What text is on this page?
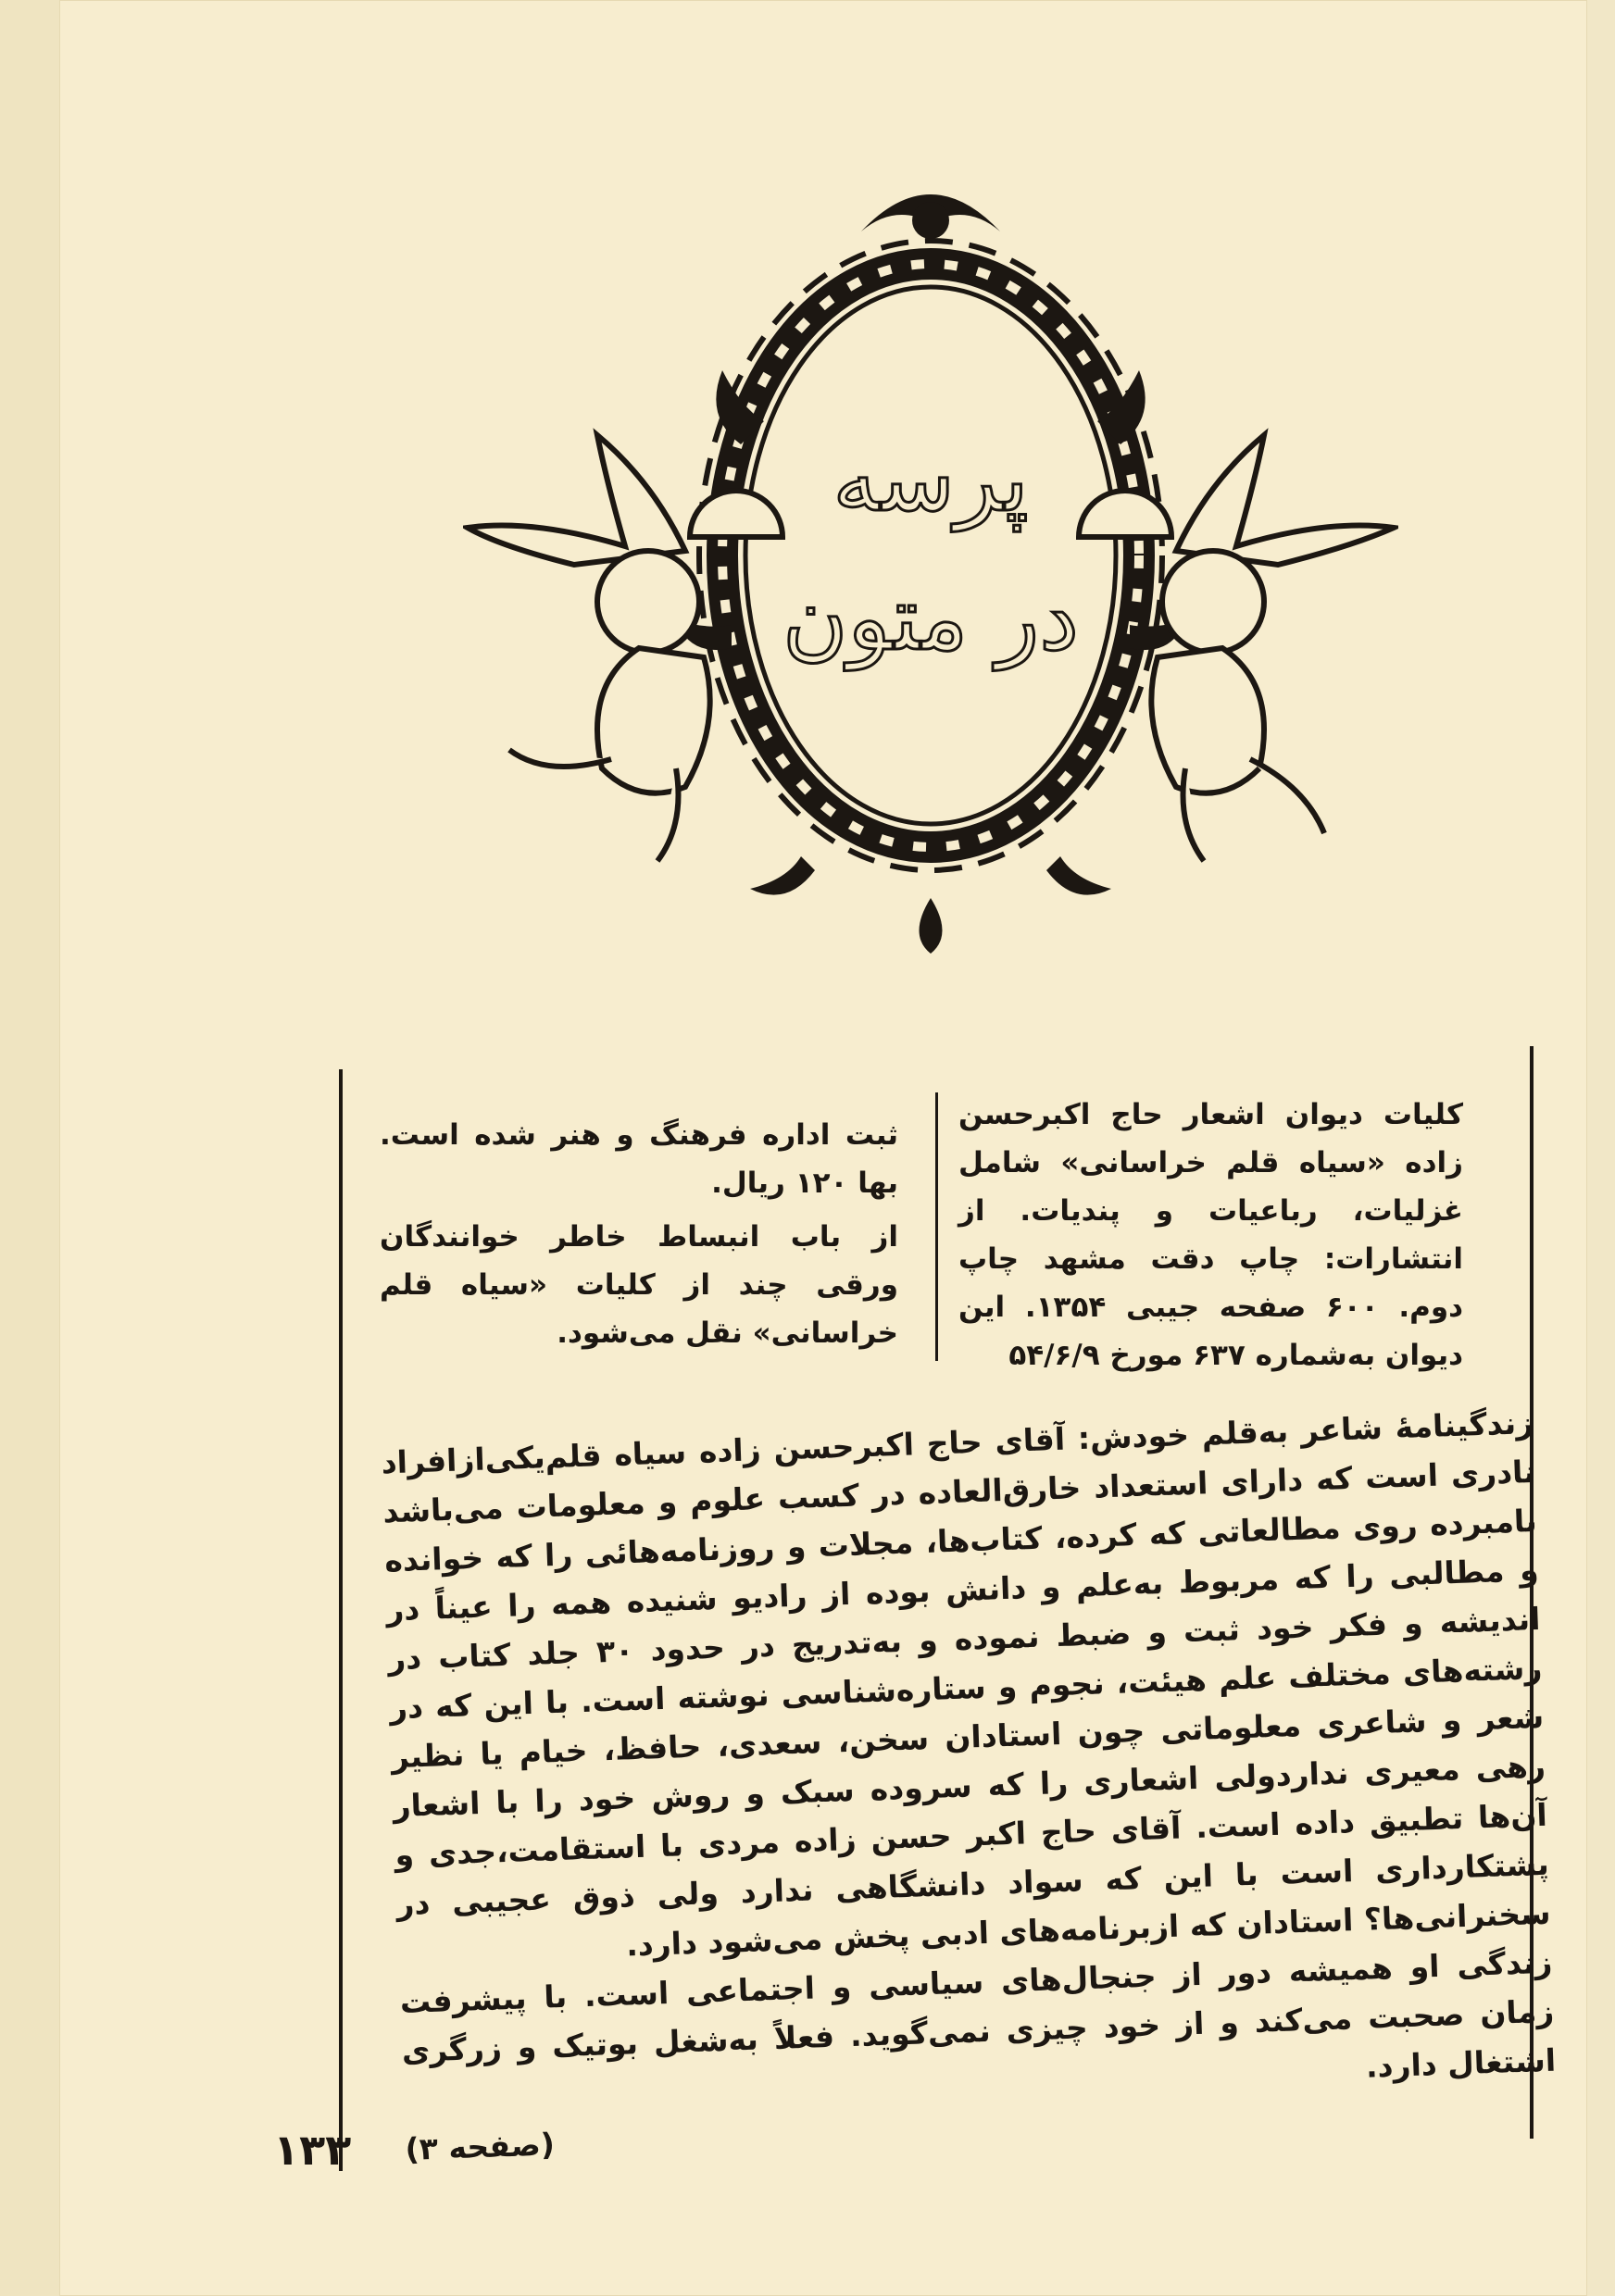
پرسه
در متون

کلیات دیوان اشعار حاج اکبرحسن زاده «سیاه قلم خراسانی» شامل غزلیات، رباعیات و پندیات. از انتشارات: چاپ دقت مشهد چاپ دوم. ۶۰۰ صفحه جیبی ۱۳۵۴. این دیوان به‌شماره ۶۳۷ مورخ ۵۴/۶/۹

ثبت اداره فرهنگ و هنر شده است. بها ۱۲۰ ریال.

از باب انبساط خاطر خوانندگان ورقی چند از کلیات «سیاه قلم خراسانی» نقل می‌شود.

زندگینامهٔ شاعر به‌قلم خودش: آقای حاج اکبرحسن زاده سیاه قلم‌یکی‌ازافراد نادری است که دارای استعداد خارق‌العاده در کسب علوم و معلومات می‌باشد نامبرده روی مطالعاتی که کرده، کتاب‌ها، مجلات و روزنامه‌هائی را که خوانده و مطالبی را که مربوط به‌علم و دانش بوده از رادیو شنیده همه را عیناً در اندیشه و فکر خود ثبت و ضبط نموده و به‌تدریج در حدود ۳۰ جلد کتاب در رشته‌های مختلف علم هیئت، نجوم و ستاره‌شناسی نوشته است. با این که در شعر و شاعری معلوماتی چون استادان سخن، سعدی، حافظ، خیام یا نظیر رهی معیری نداردولی اشعاری را که سروده سبک و روش خود را با اشعار آن‌ها تطبیق داده است. آقای حاج اکبر حسن زاده مردی با استقامت،جدی و پشتکارداری است با این که سواد دانشگاهی ندارد ولی ذوق عجیبی در سخنرانی‌ها؟ استادان که ازبرنامه‌های ادبی پخش می‌شود دارد.

زندگی او همیشه دور از جنجال‌های سیاسی و اجتماعی است. با پیشرفت زمان صحبت می‌کند و از خود چیزی نمی‌گوید. فعلاً به‌شغل بوتیک و زرگری اشتغال دارد.

(صفحه ۳)
۱۳۳
